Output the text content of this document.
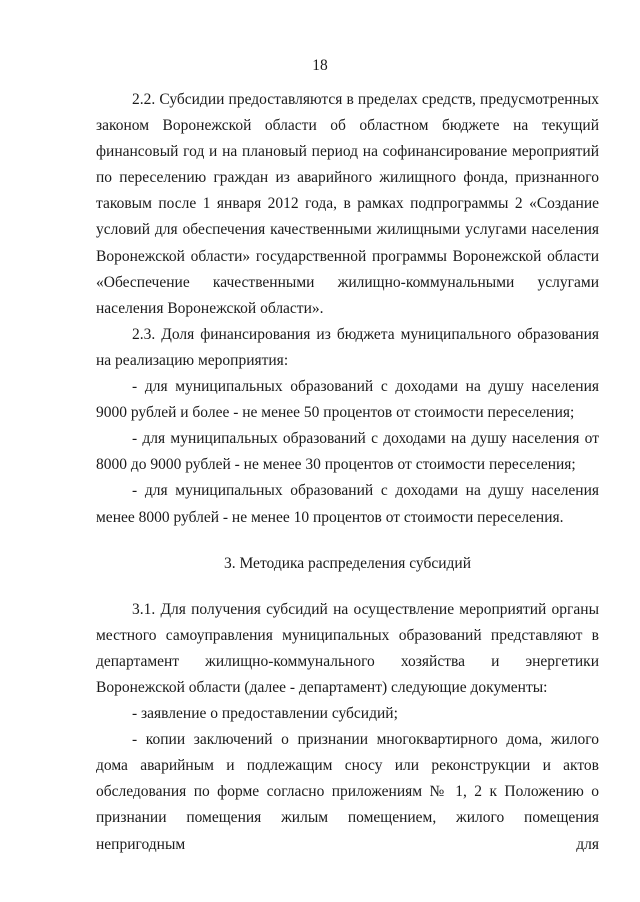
18

2.2. Субсидии предоставляются в пределах средств, предусмотренных законом Воронежской области об областном бюджете на текущий финансовый год и на плановый период на софинансирование мероприятий по переселению граждан из аварийного жилищного фонда, признанного таковым после 1 января 2012 года, в рамках подпрограммы 2 «Создание условий для обеспечения качественными жилищными услугами населения Воронежской области» государственной программы Воронежской области «Обеспечение качественными жилищно-коммунальными услугами населения Воронежской области».

2.3. Доля финансирования из бюджета муниципального образования на реализацию мероприятия:

- для муниципальных образований с доходами на душу населения 9000 рублей и более - не менее 50 процентов от стоимости переселения;

- для муниципальных образований с доходами на душу населения от 8000 до 9000 рублей - не менее 30 процентов от стоимости переселения;

- для муниципальных образований с доходами на душу населения менее 8000 рублей - не менее 10 процентов от стоимости переселения.

3. Методика распределения субсидий

3.1. Для получения субсидий на осуществление мероприятий органы местного самоуправления муниципальных образований представляют в департамент жилищно-коммунального хозяйства и энергетики Воронежской области (далее - департамент) следующие документы:

- заявление о предоставлении субсидий;

- копии заключений о признании многоквартирного дома, жилого дома аварийным и подлежащим сносу или реконструкции и актов обследования по форме согласно приложениям № 1, 2 к Положению о признании помещения жилым помещением, жилого помещения непригодным для
